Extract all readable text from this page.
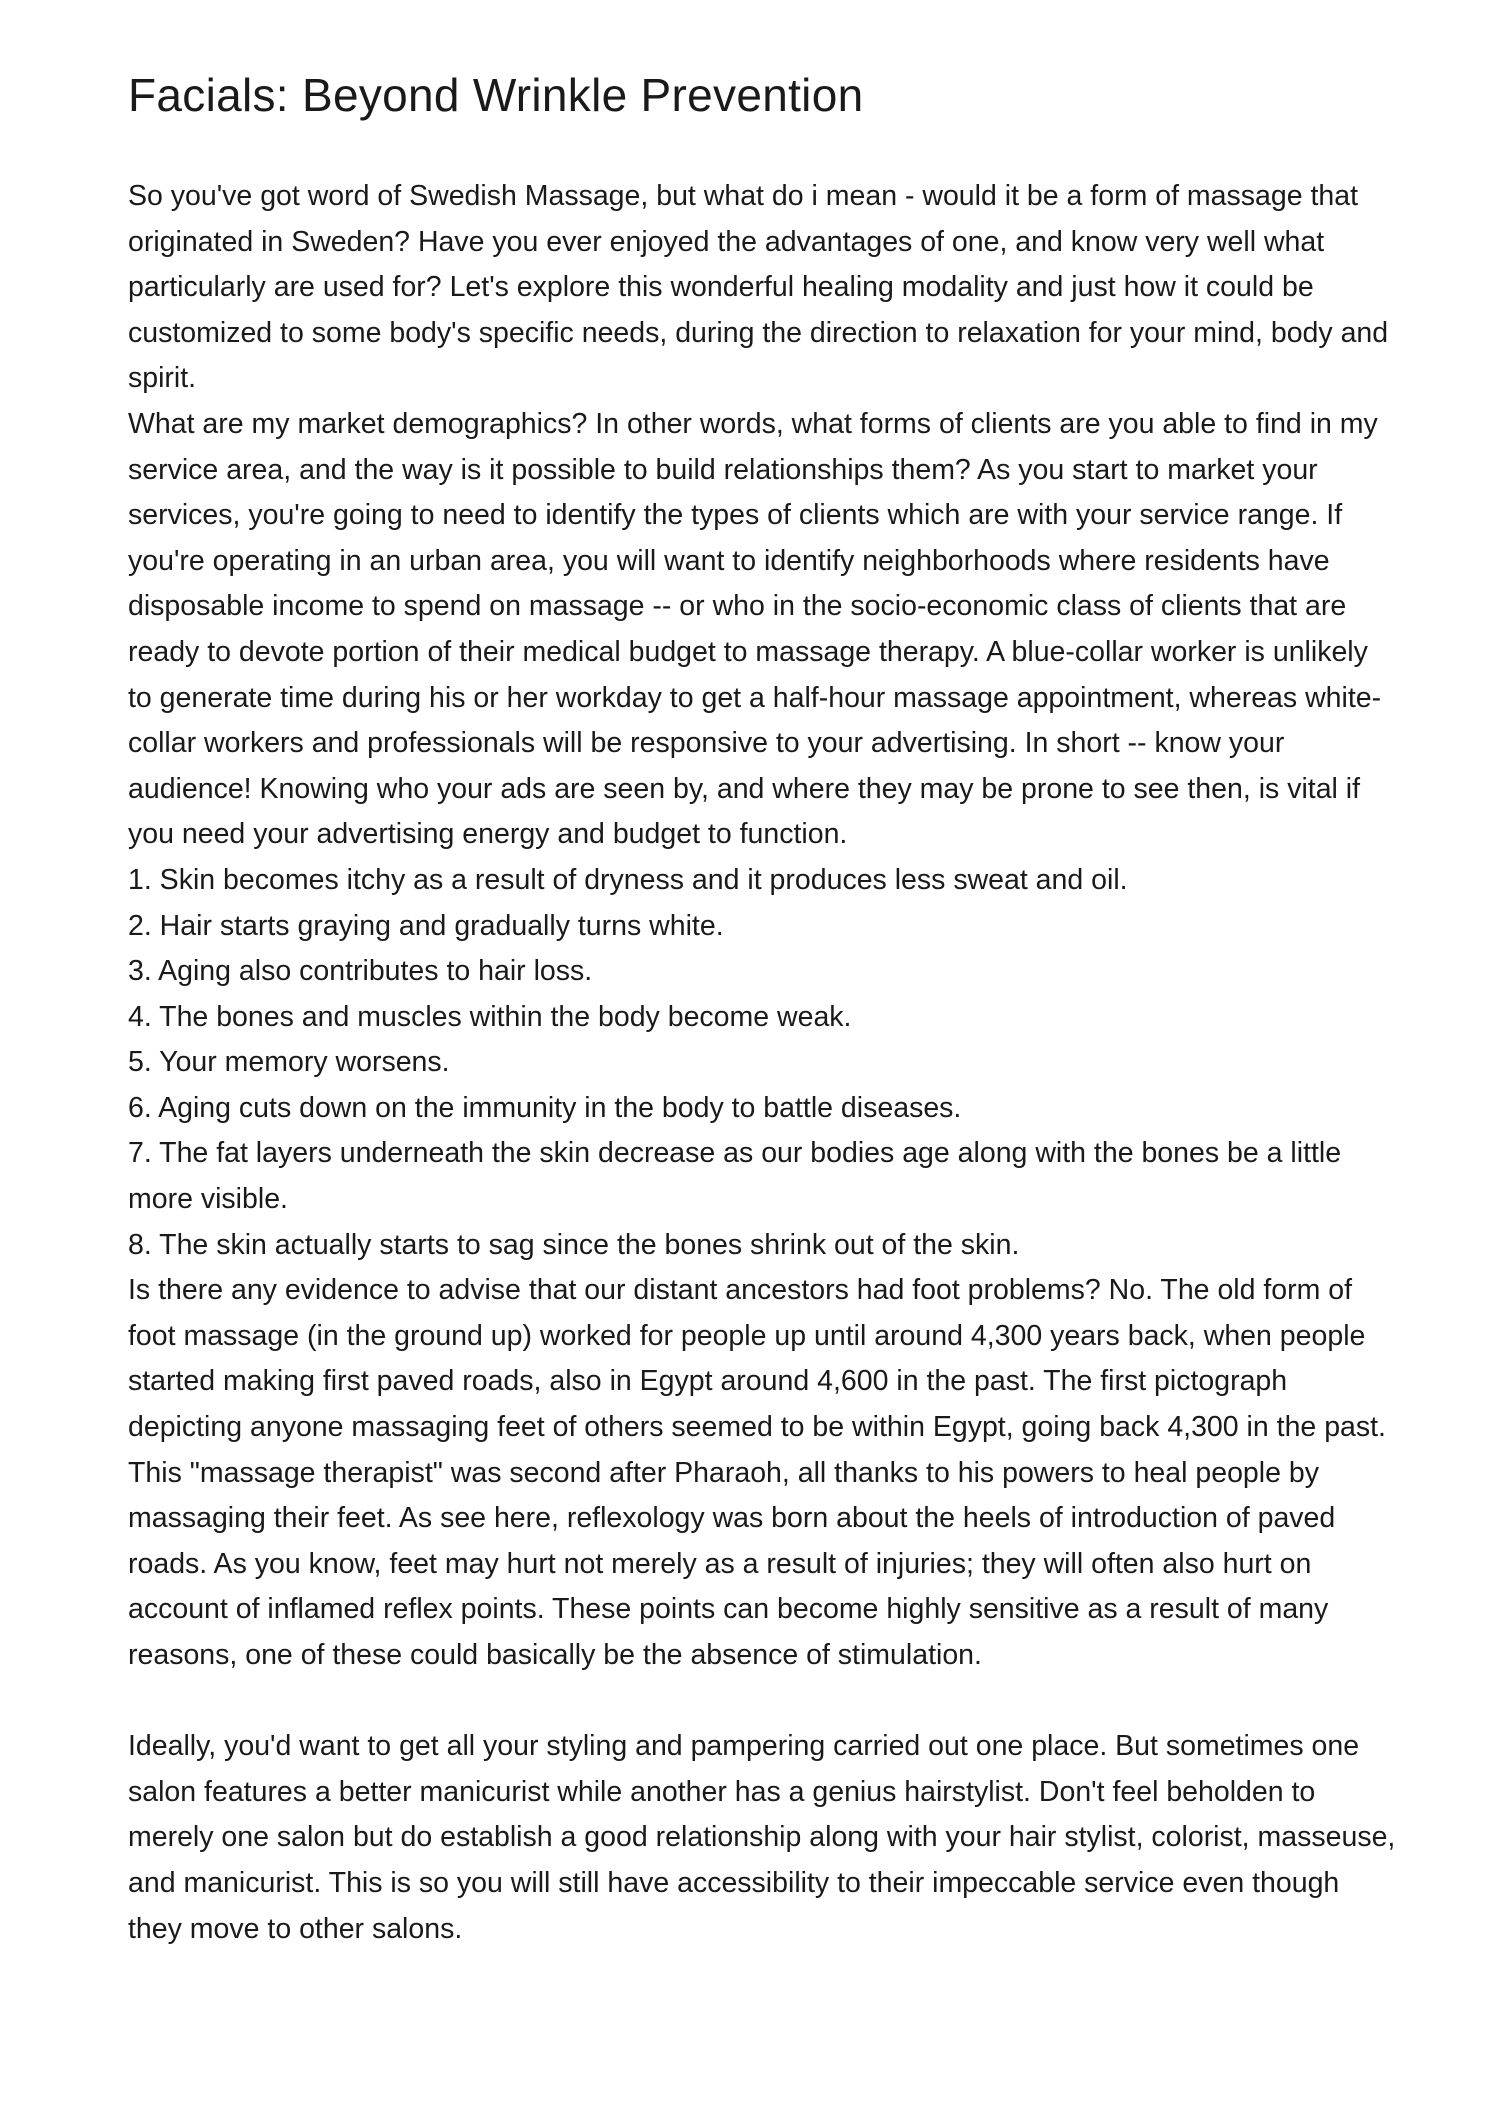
Facials: Beyond Wrinkle Prevention

So you've got word of Swedish Massage, but what do i mean - would it be a form of massage that originated in Sweden? Have you ever enjoyed the advantages of one, and know very well what particularly are used for? Let's explore this wonderful healing modality and just how it could be customized to some body's specific needs, during the direction to relaxation for your mind, body and spirit.

What are my market demographics? In other words, what forms of clients are you able to find in my service area, and the way is it possible to build relationships them? As you start to market your services, you're going to need to identify the types of clients which are with your service range. If you're operating in an urban area, you will want to identify neighborhoods where residents have disposable income to spend on massage -- or who in the socio-economic class of clients that are ready to devote portion of their medical budget to massage therapy. A blue-collar worker is unlikely to generate time during his or her workday to get a half-hour massage appointment, whereas white-collar workers and professionals will be responsive to your advertising. In short -- know your audience! Knowing who your ads are seen by, and where they may be prone to see then, is vital if you need your advertising energy and budget to function.

1. Skin becomes itchy as a result of dryness and it produces less sweat and oil.
2. Hair starts graying and gradually turns white.
3. Aging also contributes to hair loss.
4. The bones and muscles within the body become weak.
5. Your memory worsens.
6. Aging cuts down on the immunity in the body to battle diseases.
7. The fat layers underneath the skin decrease as our bodies age along with the bones be a little more visible.
8. The skin actually starts to sag since the bones shrink out of the skin.

Is there any evidence to advise that our distant ancestors had foot problems? No. The old form of foot massage (in the ground up) worked for people up until around 4,300 years back, when people started making first paved roads, also in Egypt around 4,600 in the past. The first pictograph depicting anyone massaging feet of others seemed to be within Egypt, going back 4,300 in the past. This "massage therapist" was second after Pharaoh, all thanks to his powers to heal people by massaging their feet. As see here, reflexology was born about the heels of introduction of paved roads. As you know, feet may hurt not merely as a result of injuries; they will often also hurt on account of inflamed reflex points. These points can become highly sensitive as a result of many reasons, one of these could basically be the absence of stimulation.

Ideally, you'd want to get all your styling and pampering carried out one place. But sometimes one salon features a better manicurist while another has a genius hairstylist. Don't feel beholden to merely one salon but do establish a good relationship along with your hair stylist, colorist, masseuse, and manicurist. This is so you will still have accessibility to their impeccable service even though they move to other salons.
